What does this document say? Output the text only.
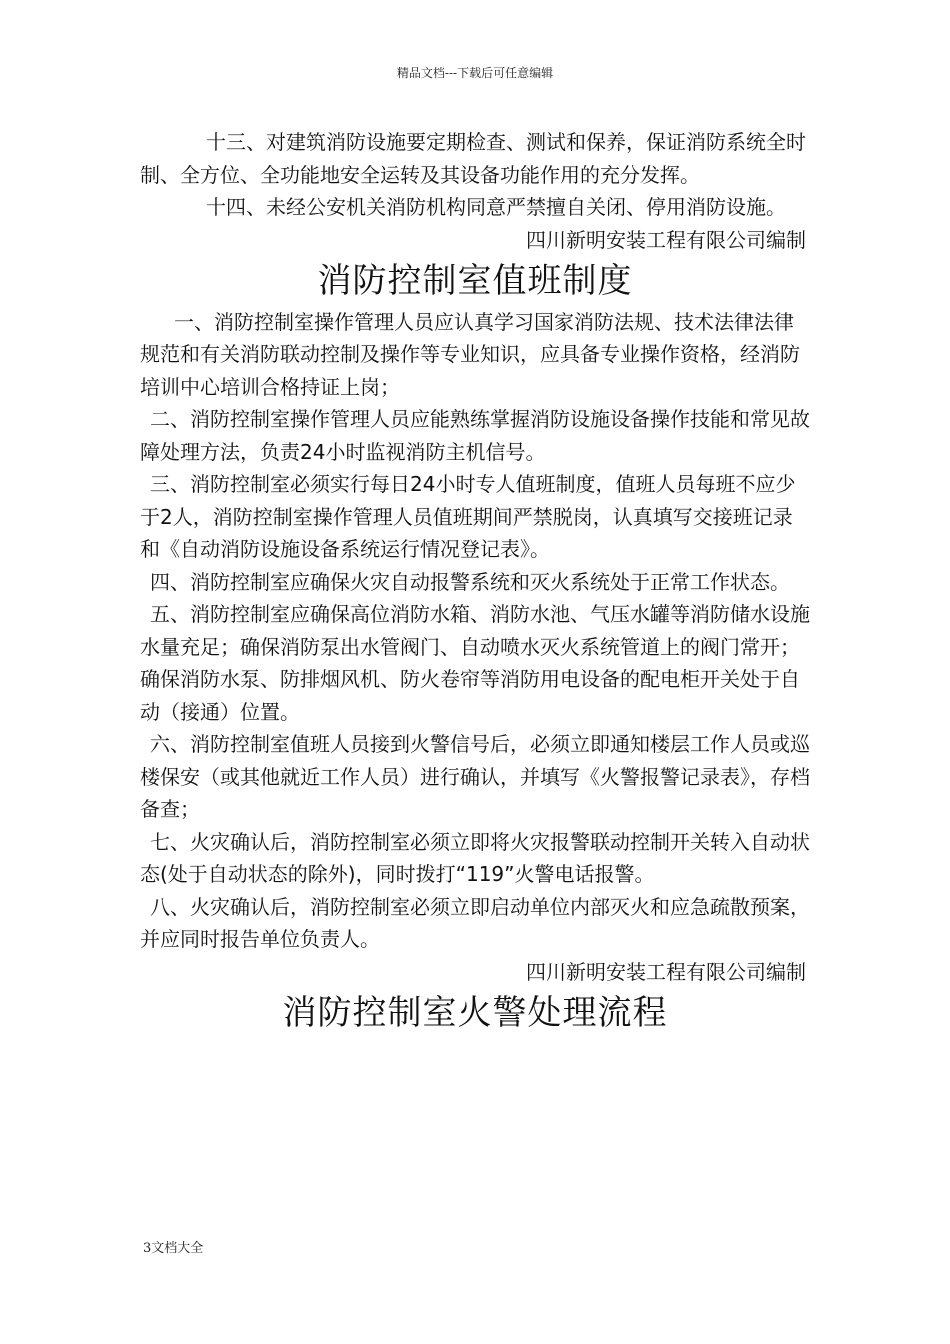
精品文档---下载后可任意编辑

十三、对建筑消防设施要定期检查、测试和保养，保证消防系统全时制、全方位、全功能地安全运转及其设备功能作用的充分发挥。

十四、未经公安机关消防机构同意严禁擅自关闭、停用消防设施。

四川新明安装工程有限公司编制

消防控制室值班制度

一、消防控制室操作管理人员应认真学习国家消防法规、技术法律法律规范和有关消防联动控制及操作等专业知识，应具备专业操作资格，经消防培训中心培训合格持证上岗；

二、消防控制室操作管理人员应能熟练掌握消防设施设备操作技能和常见故障处理方法，负责24小时监视消防主机信号。

三、消防控制室必须实行每日24小时专人值班制度，值班人员每班不应少于2人，消防控制室操作管理人员值班期间严禁脱岗，认真填写交接班记录和《自动消防设施设备系统运行情况登记表》。

四、消防控制室应确保火灾自动报警系统和灭火系统处于正常工作状态。

五、消防控制室应确保高位消防水箱、消防水池、气压水罐等消防储水设施水量充足；确保消防泵出水管阀门、自动喷水灭火系统管道上的阀门常开；确保消防水泵、防排烟风机、防火卷帘等消防用电设备的配电柜开关处于自动（接通）位置。

六、消防控制室值班人员接到火警信号后，必须立即通知楼层工作人员或巡楼保安（或其他就近工作人员）进行确认，并填写《火警报警记录表》，存档备查；

七、火灾确认后，消防控制室必须立即将火灾报警联动控制开关转入自动状态(处于自动状态的除外)，同时拨打“119”火警电话报警。

八、火灾确认后，消防控制室必须立即启动单位内部灭火和应急疏散预案，并应同时报告单位负责人。

四川新明安装工程有限公司编制

消防控制室火警处理流程
3文档大全
